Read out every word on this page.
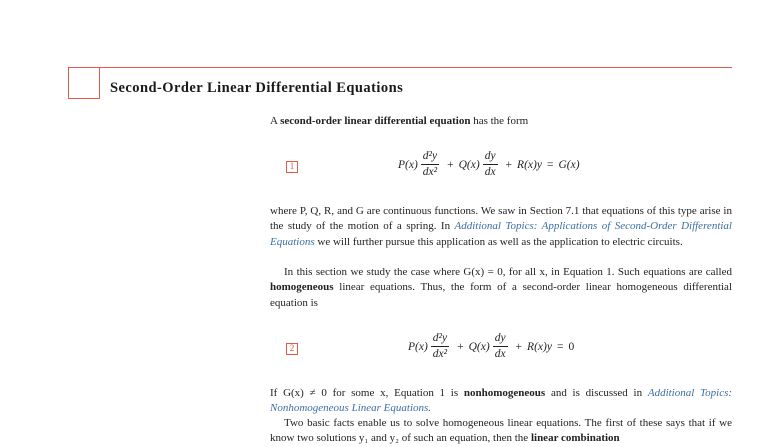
Second-Order Linear Differential Equations
A second-order linear differential equation has the form
1	$P(x) \frac{\text{d²y}}{\text{dx²}} + Q(x) \frac{dy}{dx} + R(x)y = G(x)$
where P, Q, R, and G are continuous functions. We saw in Section 7.1 that equations of this type arise in the study of the motion of a spring. In Additional Topics: Applications of Second-Order Differential Equations we will further pursue this application as well as the application to electric circuits.
In this section we study the case where G(x) = 0, for all x, in Equation 1. Such equations are called homogeneous linear equations. Thus, the form of a second-order linear homogeneous differential equation is
2	$P(x) \frac{\text{d²y}}{\text{dx²}} + Q(x) \frac{dy}{dx} + R(x)y = 0$
If G(x) ≠ 0 for some x, Equation 1 is nonhomogeneous and is discussed in Additional Topics: Nonhomogeneous Linear Equations.
Two basic facts enable us to solve homogeneous linear equations. The first of these says that if we know two solutions y₁ and y₂ of such an equation, then the linear combination
